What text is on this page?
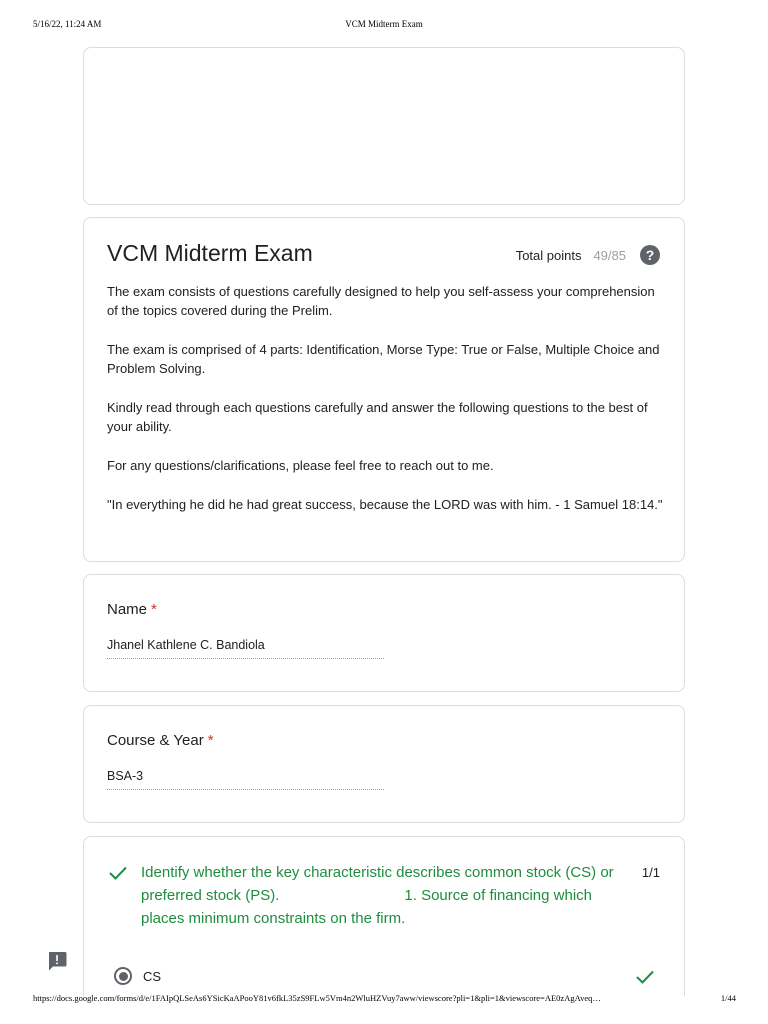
5/16/22, 11:24 AM	VCM Midterm Exam
VCM Midterm Exam	Total points 49/85	?

The exam consists of questions carefully designed to help you self-assess your comprehension of the topics covered during the Prelim.

The exam is comprised of 4 parts: Identification, Morse Type: True or False, Multiple Choice and Problem Solving.

Kindly read through each questions carefully and answer the following questions to the best of your ability.

For any questions/clarifications, please feel free to reach out to me.

"In everything he did he had great success, because the LORD was with him. - 1 Samuel 18:14."

Name *
Jhanel Kathlene C. Bandiola
Course & Year *
BSA-3
Identify whether the key characteristic describes common stock (CS) or
preferred stock (PS).                              1. Source of financing which
places minimum constraints on the firm.
1/1
CS
https://docs.google.com/forms/d/e/1FAIpQLSeAs6YSicKaAPooY81v6fkL35zS9FLw5Vm4n2WluHZVuy7aww/viewscore?pli=1&pli=1&viewscore=AE0zAgAveq…	1/44
